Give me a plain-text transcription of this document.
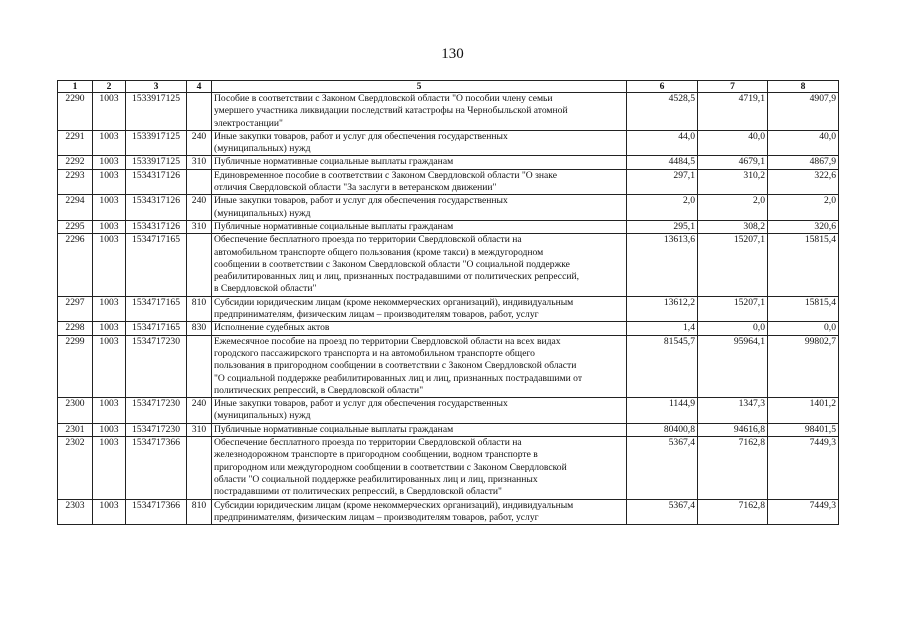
130
1	2	3	4	5	6	7	8
2290	1003	1533917125		Пособие в соответствии с Законом Свердловской области "О пособии члену семьи
умершего участника ликвидации последствий катастрофы на Чернобыльской атомной
электростанции"	4528,5	4719,1	4907,9
2291	1003	1533917125	240	Иные закупки товаров, работ и услуг для обеспечения государственных
(муниципальных) нужд	44,0	40,0	40,0
2292	1003	1533917125	310	Публичные нормативные социальные выплаты гражданам	4484,5	4679,1	4867,9
2293	1003	1534317126		Единовременное пособие в соответствии с Законом Свердловской области "О знаке
отличия Свердловской области "За заслуги в ветеранском движении"	297,1	310,2	322,6
2294	1003	1534317126	240	Иные закупки товаров, работ и услуг для обеспечения государственных
(муниципальных) нужд	2,0	2,0	2,0
2295	1003	1534317126	310	Публичные нормативные социальные выплаты гражданам	295,1	308,2	320,6
2296	1003	1534717165		Обеспечение бесплатного проезда по территории Свердловской области на
автомобильном транспорте общего пользования (кроме такси) в междугородном
сообщении в соответствии с Законом Свердловской области "О социальной поддержке
реабилитированных лиц и лиц, признанных пострадавшими от политических репрессий,
в Свердловской области"	13613,6	15207,1	15815,4
2297	1003	1534717165	810	Субсидии юридическим лицам (кроме некоммерческих организаций), индивидуальным
предпринимателям, физическим лицам – производителям товаров, работ, услуг	13612,2	15207,1	15815,4
2298	1003	1534717165	830	Исполнение судебных актов	1,4	0,0	0,0
2299	1003	1534717230		Ежемесячное пособие на проезд по территории Свердловской области на всех видах
городского пассажирского транспорта и на автомобильном транспорте общего
пользования в пригородном сообщении в соответствии с Законом Свердловской области
"О социальной поддержке реабилитированных лиц и лиц, признанных пострадавшими от
политических репрессий, в Свердловской области"	81545,7	95964,1	99802,7
2300	1003	1534717230	240	Иные закупки товаров, работ и услуг для обеспечения государственных
(муниципальных) нужд	1144,9	1347,3	1401,2
2301	1003	1534717230	310	Публичные нормативные социальные выплаты гражданам	80400,8	94616,8	98401,5
2302	1003	1534717366		Обеспечение бесплатного проезда по территории Свердловской области на
железнодорожном транспорте в пригородном сообщении, водном транспорте в
пригородном или междугородном сообщении в соответствии с Законом Свердловской
области "О социальной поддержке реабилитированных лиц и лиц, признанных
пострадавшими от политических репрессий, в Свердловской области"	5367,4	7162,8	7449,3
2303	1003	1534717366	810	Субсидии юридическим лицам (кроме некоммерческих организаций), индивидуальным
предпринимателям, физическим лицам – производителям товаров, работ, услуг	5367,4	7162,8	7449,3
